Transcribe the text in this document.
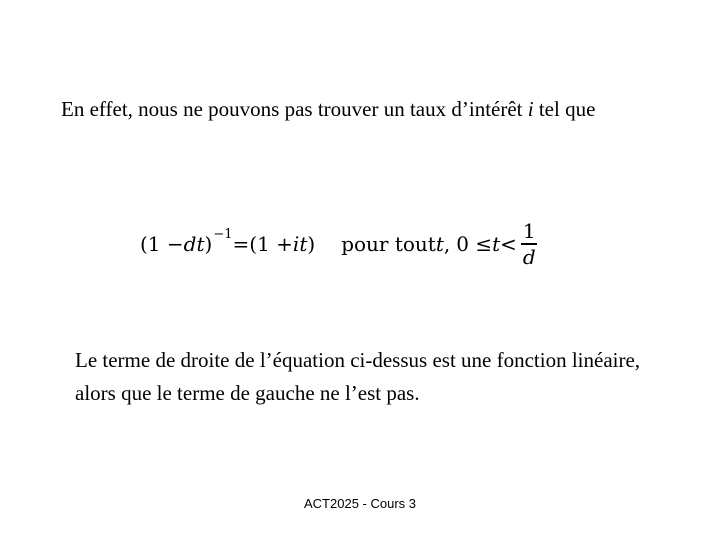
En effet, nous ne pouvons pas trouver un taux d’intérêt i tel que

(1 − d t ) −1 = (1 + i t ) pour tout t , $0 \le t < \frac{1}{d}$

Le terme de droite de l’équation ci-dessus est une fonction linéaire, alors que le terme de gauche ne l’est pas.

ACT2025 - Cours 3
